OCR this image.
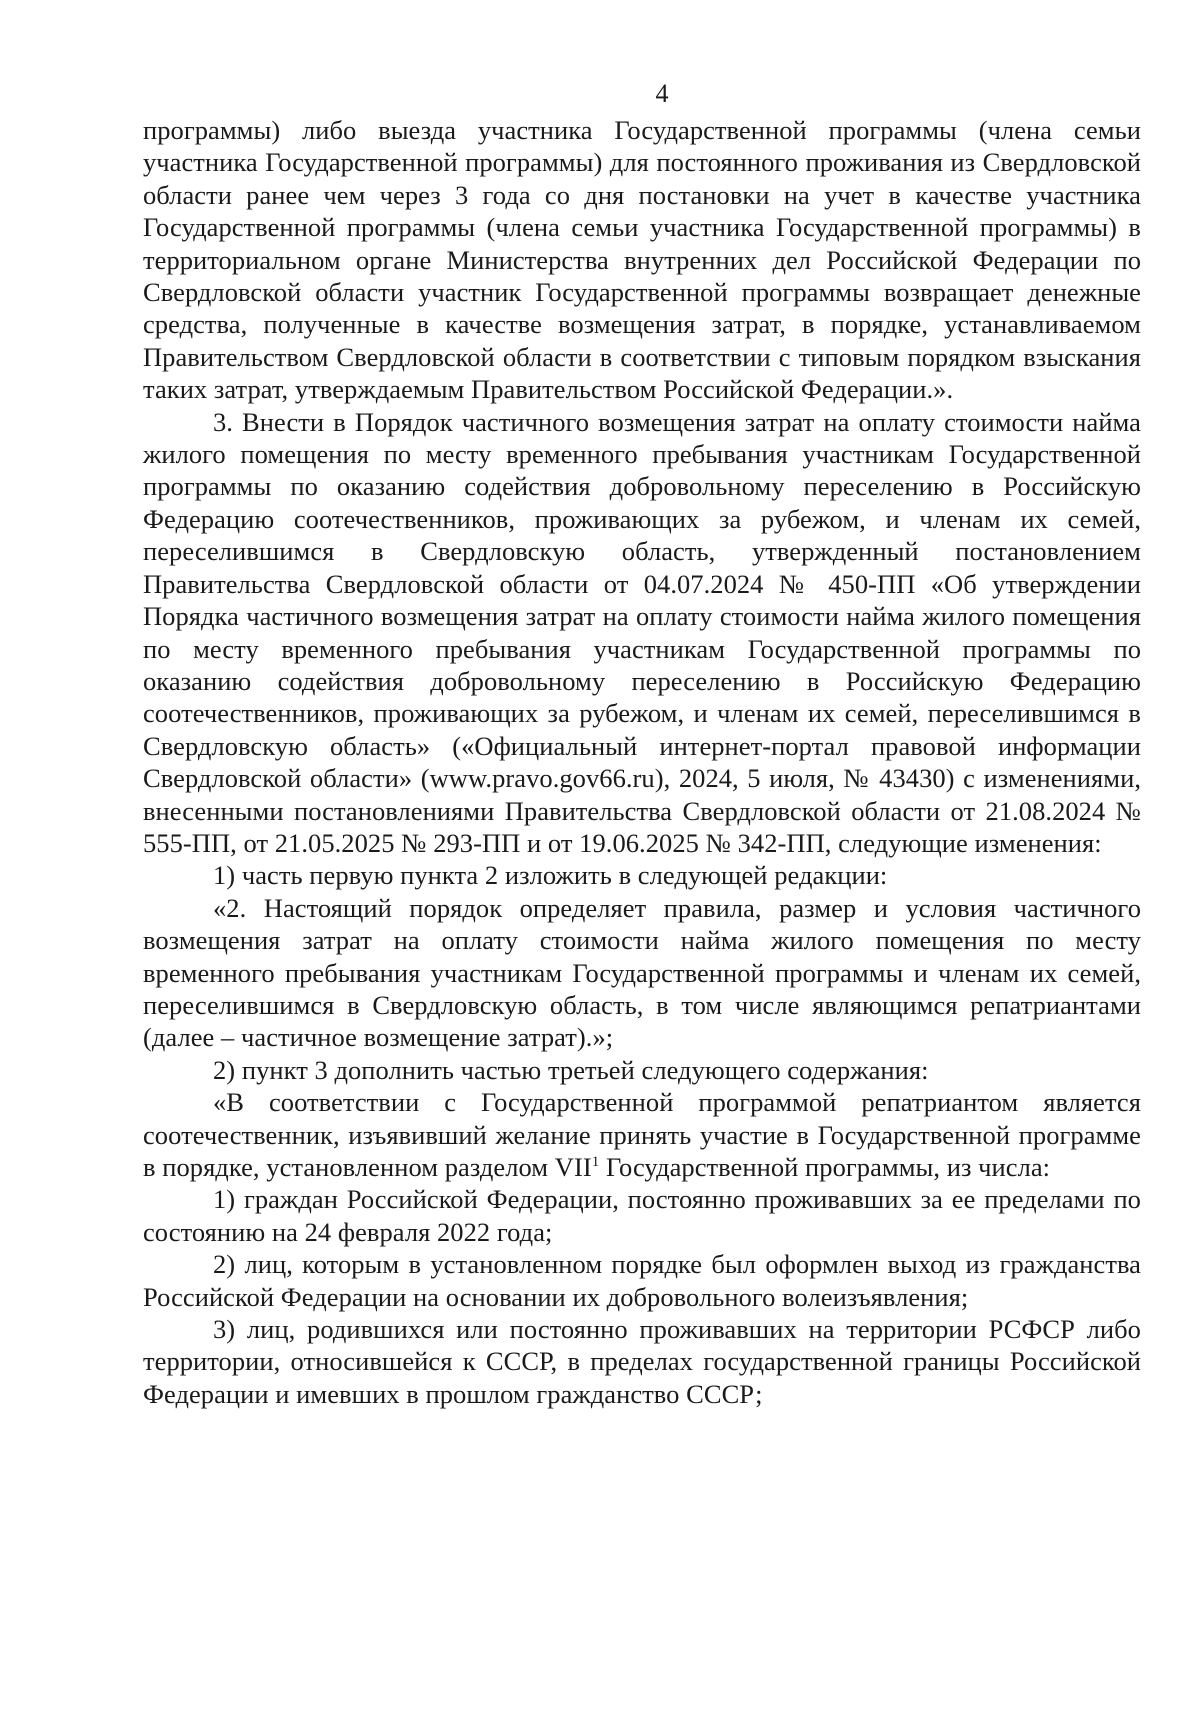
4

программы) либо выезда участника Государственной программы (члена семьи участника Государственной программы) для постоянного проживания из Свердловской области ранее чем через 3 года со дня постановки на учет в качестве участника Государственной программы (члена семьи участника Государственной программы) в территориальном органе Министерства внутренних дел Российской Федерации по Свердловской области участник Государственной программы возвращает денежные средства, полученные в качестве возмещения затрат, в порядке, устанавливаемом Правительством Свердловской области в соответствии с типовым порядком взыскания таких затрат, утверждаемым Правительством Российской Федерации.».

3. Внести в Порядок частичного возмещения затрат на оплату стоимости найма жилого помещения по месту временного пребывания участникам Государственной программы по оказанию содействия добровольному переселению в Российскую Федерацию соотечественников, проживающих за рубежом, и членам их семей, переселившимся в Свердловскую область, утвержденный постановлением Правительства Свердловской области от 04.07.2024 № 450-ПП «Об утверждении Порядка частичного возмещения затрат на оплату стоимости найма жилого помещения по месту временного пребывания участникам Государственной программы по оказанию содействия добровольному переселению в Российскую Федерацию соотечественников, проживающих за рубежом, и членам их семей, переселившимся в Свердловскую область» («Официальный интернет-портал правовой информации Свердловской области» (www.pravo.gov66.ru), 2024, 5 июля, № 43430) с изменениями, внесенными постановлениями Правительства Свердловской области от 21.08.2024 № 555-ПП, от 21.05.2025 № 293-ПП и от 19.06.2025 № 342-ПП, следующие изменения:

1) часть первую пункта 2 изложить в следующей редакции:

«2. Настоящий порядок определяет правила, размер и условия частичного возмещения затрат на оплату стоимости найма жилого помещения по месту временного пребывания участникам Государственной программы и членам их семей, переселившимся в Свердловскую область, в том числе являющимся репатриантами (далее – частичное возмещение затрат).»;

2) пункт 3 дополнить частью третьей следующего содержания:

«В соответствии с Государственной программой репатриантом является соотечественник, изъявивший желание принять участие в Государственной программе в порядке, установленном разделом VII$^1$ Государственной программы, из числа:

1) граждан Российской Федерации, постоянно проживавших за ее пределами по состоянию на 24 февраля 2022 года;

2) лиц, которым в установленном порядке был оформлен выход из гражданства Российской Федерации на основании их добровольного волеизъявления;

3) лиц, родившихся или постоянно проживавших на территории РСФСР либо территории, относившейся к СССР, в пределах государственной границы Российской Федерации и имевших в прошлом гражданство СССР;
